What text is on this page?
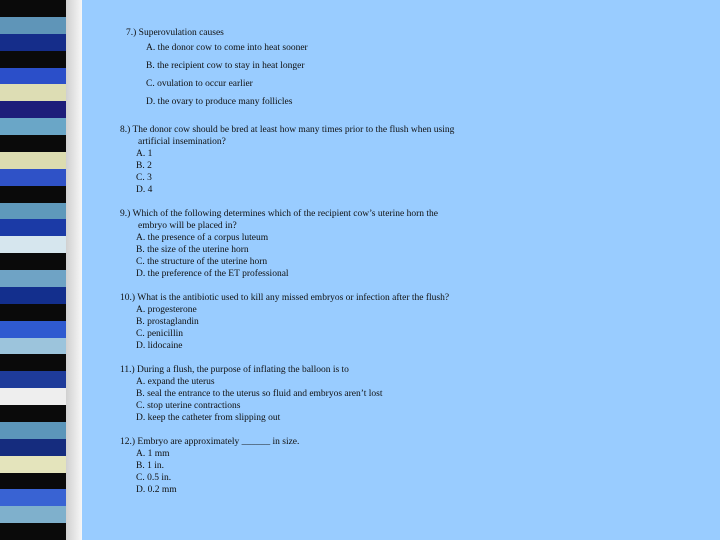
7.) Superovulation causes
A. the donor cow to come into heat sooner
B. the recipient cow to stay in heat longer
C. ovulation to occur earlier
D. the ovary to produce many follicles
8.) The donor cow should be bred at least how many times prior to the flush when using
artificial insemination?
A. 1
B. 2
C. 3
D. 4
9.) Which of the following determines which of the recipient cow’s uterine horn the
embryo will be placed in?
A. the presence of a corpus luteum
B. the size of the uterine horn
C. the structure of the uterine horn
D. the preference of the ET professional
10.) What is the antibiotic used to kill any missed embryos or infection after the flush?
A. progesterone
B. prostaglandin
C. penicillin
D. lidocaine
11.) During a flush, the purpose of inflating the balloon is to
A. expand the uterus
B. seal the entrance to the uterus so fluid and embryos aren’t lost
C. stop uterine contractions
D. keep the catheter from slipping out
12.) Embryo are approximately ______ in size.
A. 1 mm
B. 1 in.
C. 0.5 in.
D. 0.2 mm
